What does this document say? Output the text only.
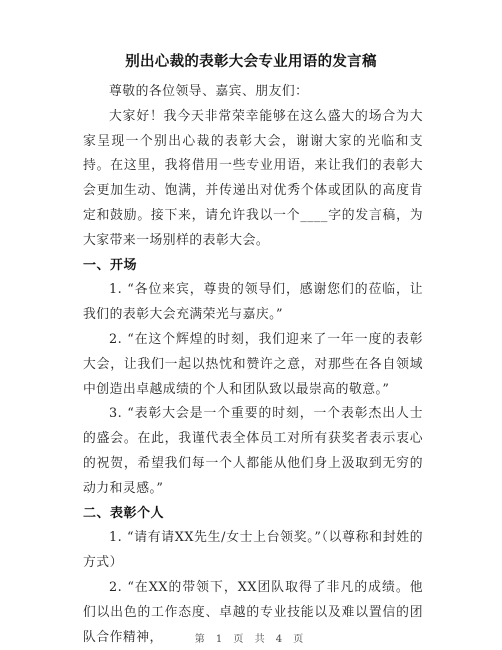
别出心裁的表彰大会专业用语的发言稿

尊敬的各位领导、嘉宾、朋友们：

大家好！我今天非常荣幸能够在这么盛大的场合为大家呈现一个别出心裁的表彰大会，谢谢大家的光临和支持。在这里，我将借用一些专业用语，来让我们的表彰大会更加生动、饱满，并传递出对优秀个体或团队的高度肯定和鼓励。接下来，请允许我以一个____字的发言稿，为大家带来一场别样的表彰大会。

一、开场

1. “各位来宾，尊贵的领导们，感谢您们的莅临，让我们的表彰大会充满荣光与嘉庆。”

2. “在这个辉煌的时刻，我们迎来了一年一度的表彰大会，让我们一起以热忱和赞许之意，对那些在各自领域中创造出卓越成绩的个人和团队致以最崇高的敬意。”

3. “表彰大会是一个重要的时刻，一个表彰杰出人士的盛会。在此，我谨代表全体员工对所有获奖者表示衷心的祝贺，希望我们每一个人都能从他们身上汲取到无穷的动力和灵感。”

二、表彰个人

1. “请有请XX先生/女士上台领奖。”（以尊称和封姓的方式）

2. “在XX的带领下，XX团队取得了非凡的成绩。他们以出色的工作态度、卓越的专业技能以及难以置信的团队合作精神，	第 1 页 共 4 页
